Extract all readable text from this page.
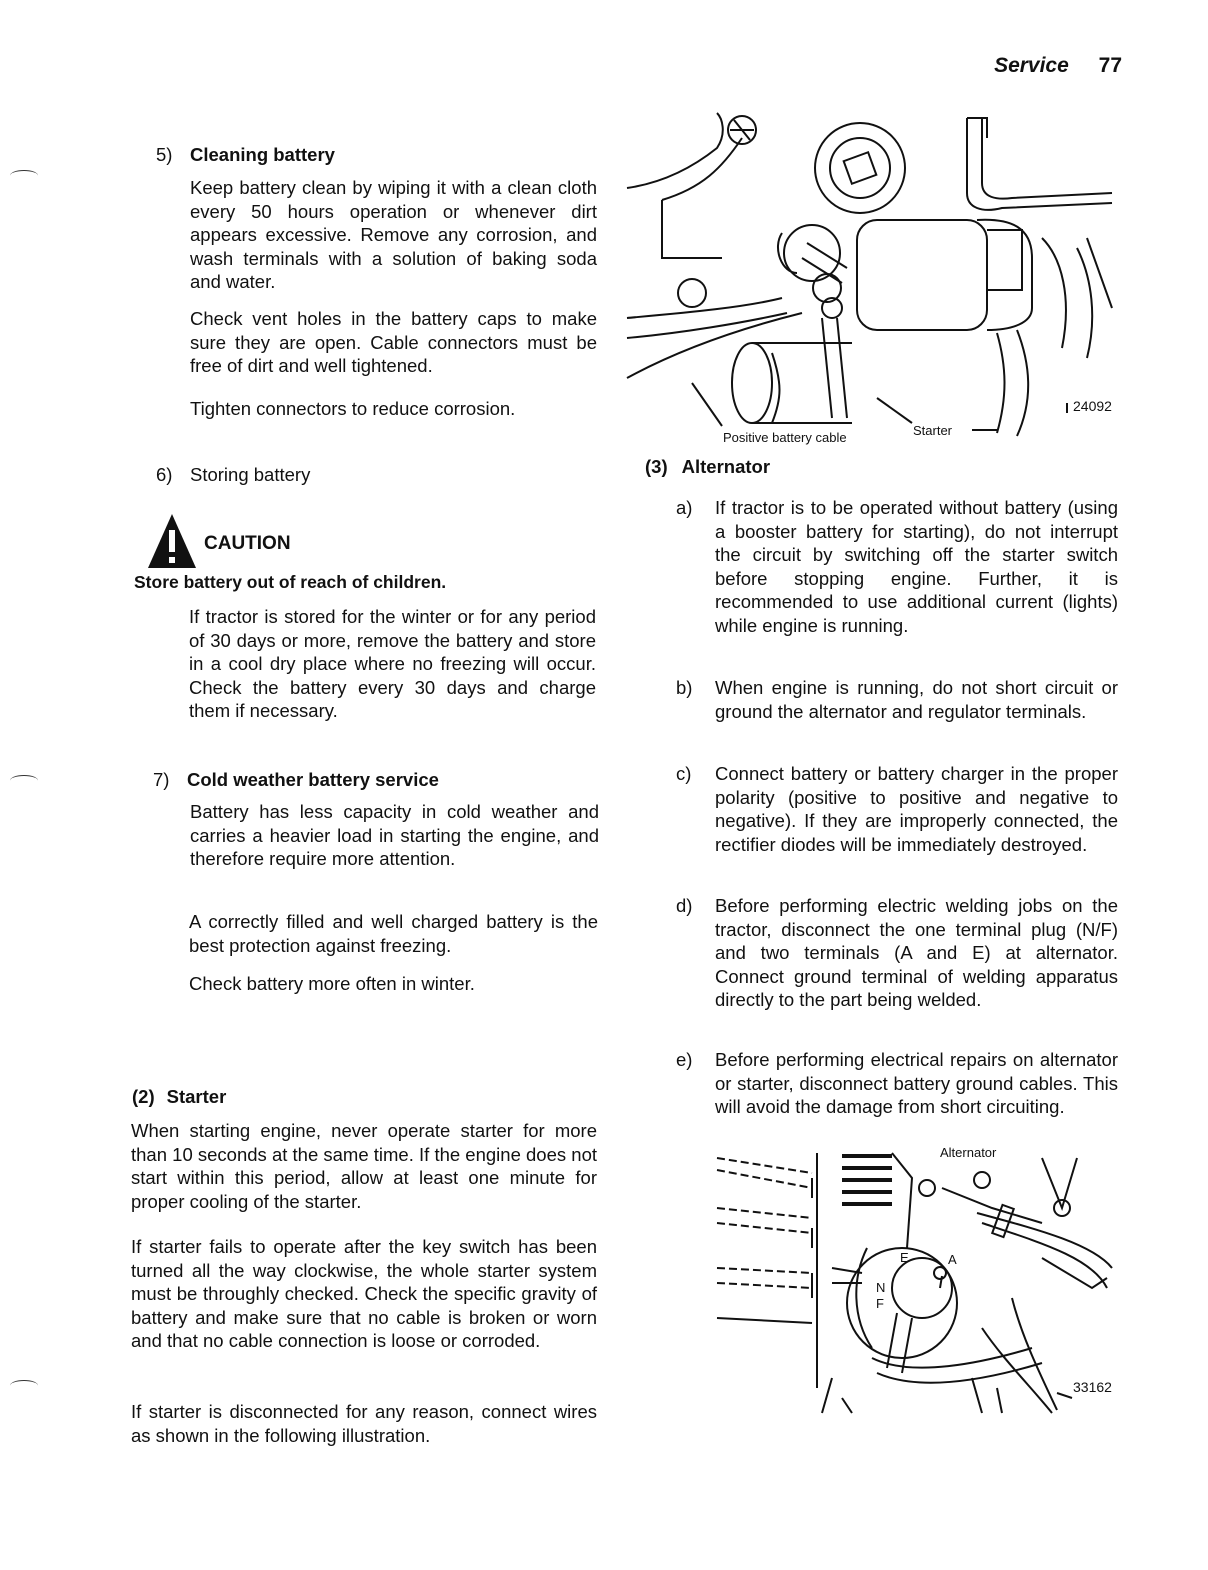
Service 77
5) Cleaning battery
Keep battery clean by wiping it with a clean cloth every 50 hours operation or whenever dirt appears excessive. Remove any corrosion, and wash terminals with a solution of baking soda and water.
Check vent holes in the battery caps to make sure they are open. Cable connectors must be free of dirt and well tightened.
Tighten connectors to reduce corrosion.
6) Storing battery
CAUTION
Store battery out of reach of children.
If tractor is stored for the winter or for any period of 30 days or more, remove the battery and store in a cool dry place where no freezing will occur. Check the battery every 30 days and charge them if necessary.
7) Cold weather battery service
Battery has less capacity in cold weather and carries a heavier load in starting the engine, and therefore require more attention.
A correctly filled and well charged battery is the best protection against freezing.
Check battery more often in winter.
(2) Starter
When starting engine, never operate starter for more than 10 seconds at the same time. If the engine does not start within this period, allow at least one minute for proper cooling of the starter.
If starter fails to operate after the key switch has been turned all the way clockwise, the whole starter system must be throughly checked. Check the specific gravity of battery and make sure that no cable is broken or worn and that no cable connection is loose or corroded.
If starter is disconnected for any reason, connect wires as shown in the following illustration.
24092
Positive battery cable	Starter
(3) Alternator
a) If tractor is to be operated without battery (using a booster battery for starting), do not interrupt the circuit by switching off the starter switch before stopping engine. Further, it is recommended to use additional current (lights) while engine is running.
b) When engine is running, do not short circuit or ground the alternator and regulator terminals.
c) Connect battery or battery charger in the proper polarity (positive to positive and negative to negative). If they are improperly connected, the rectifier diodes will be immediately destroyed.
d) Before performing electric welding jobs on the tractor, disconnect the one terminal plug (N/F) and two terminals (A and E) at alternator. Connect ground terminal of welding apparatus directly to the part being welded.
e) Before performing electrical repairs on alternator or starter, disconnect battery ground cables. This will avoid the damage from short circuiting.
Alternator
E	A
N
F
33162
